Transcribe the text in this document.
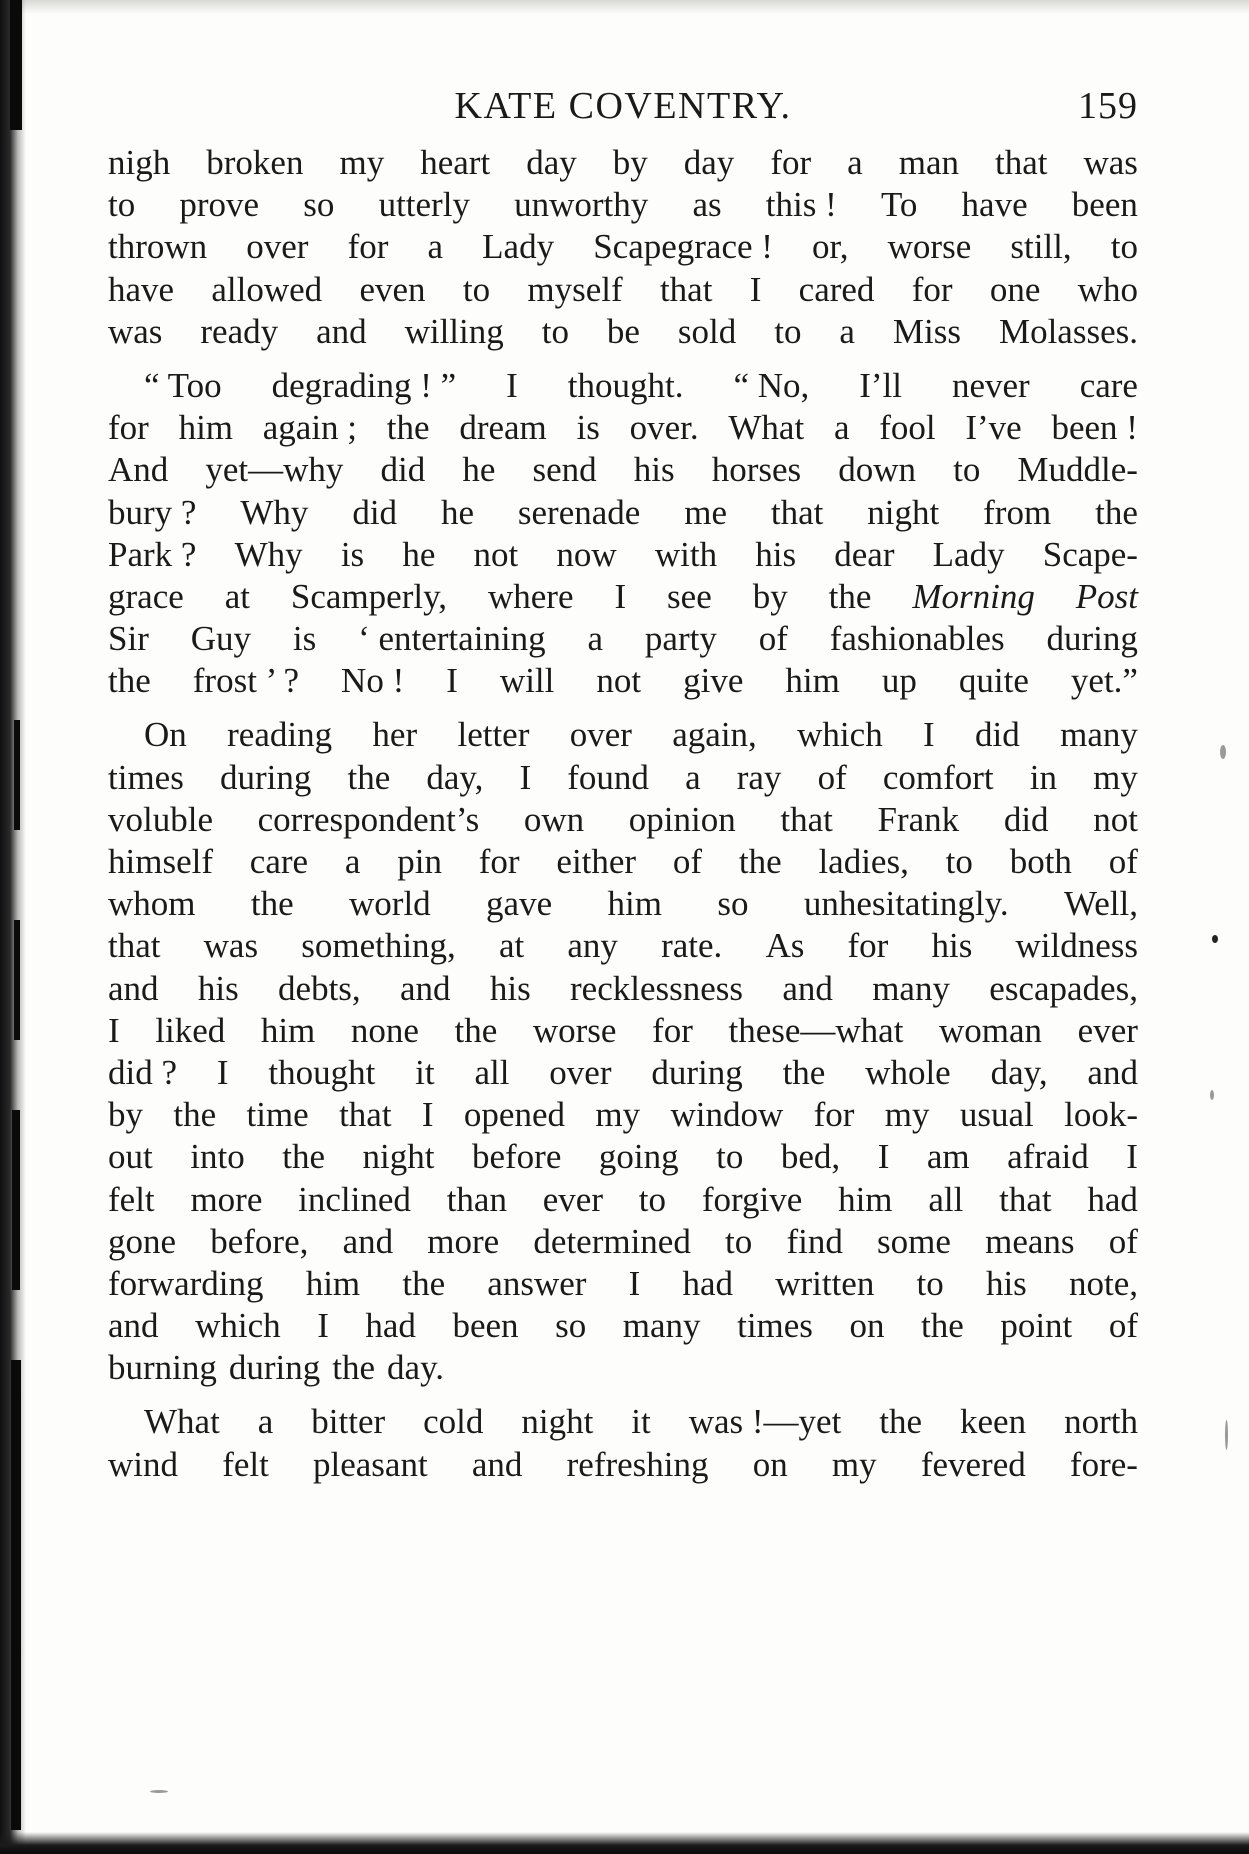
KATE COVENTRY.	159
nigh broken my heart day by day for a man that was
to prove so utterly unworthy as this ! To have been
thrown over for a Lady Scapegrace ! or, worse still, to
have allowed even to myself that I cared for one who
was ready and willing to be sold to a Miss Molasses.
“ Too degrading ! ” I thought. “ No, I’ll never care
for him again ; the dream is over. What a fool I’ve been !
And yet—why did he send his horses down to Muddle-
bury ? Why did he serenade me that night from the
Park ? Why is he not now with his dear Lady Scape-
grace at Scamperly, where I see by the Morning Post
Sir Guy is ‘ entertaining a party of fashionables during
the frost ’ ? No ! I will not give him up quite yet.”
On reading her letter over again, which I did many
times during the day, I found a ray of comfort in my
voluble correspondent’s own opinion that Frank did not
himself care a pin for either of the ladies, to both of
whom the world gave him so unhesitatingly. Well,
that was something, at any rate. As for his wildness
and his debts, and his recklessness and many escapades,
I liked him none the worse for these—what woman ever
did ? I thought it all over during the whole day, and
by the time that I opened my window for my usual look-
out into the night before going to bed, I am afraid I
felt more inclined than ever to forgive him all that had
gone before, and more determined to find some means of
forwarding him the answer I had written to his note,
and which I had been so many times on the point of
burning during the day.
What a bitter cold night it was !—yet the keen north
wind felt pleasant and refreshing on my fevered fore-
